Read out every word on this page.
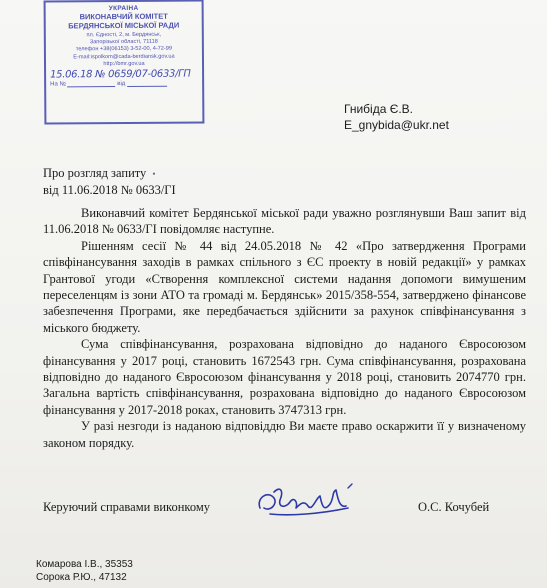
УКРАЇНА
ВИКОНАВЧИЙ КОМІТЕТ
БЕРДЯНСЬКОЇ МІСЬКОЇ РАДИ
пл. Єдності, 2, м. Бердянськ,
Запорізької області, 71118
телефон +38(06153) 3-52-00, 4-72-99
E-mail:ispolkom@cada-berdiansk.gov.ua
http://bmr.gov.ua
15.06.18 № 0659/07-0633/ГП
На №	від
Гнибіда Є.В.
E_gnybida@ukr.net
Про розгляд запиту •
від 11.06.2018 № 0633/ГІ

Виконавчий комітет Бердянської міської ради уважно розглянувши Ваш запит від 11.06.2018 № 0633/ГІ повідомляє наступне.

Рішенням сесії № 44 від 24.05.2018 № 42 «Про затвердження Програми співфінансування заходів в рамках спільного з ЄС проекту в новій редакції» у рамках Грантової угоди «Створення комплексної системи надання допомоги вимушеним переселенцям із зони АТО та громаді м. Бердянськ» 2015/358-554, затверджено фінансове забезпечення Програми, яке передбачається здійснити за рахунок співфінансування з міського бюджету.

Сума співфінансування, розрахована відповідно до наданого Євросоюзом фінансування у 2017 році, становить 1672543 грн. Сума співфінансування, розрахована відповідно до наданого Євросоюзом фінансування у 2018 році, становить 2074770 грн. Загальна вартість співфінансування, розрахована відповідно до наданого Євросоюзом фінансування у 2017-2018 роках, становить 3747313 грн.

У разі незгоди із наданою відповіддю Ви маєте право оскаржити її у визначеному законом порядку.

Керуючий справами виконкому	О.С. Кочубей
Комарова І.В., 35353
Сорока Р.Ю., 47132
